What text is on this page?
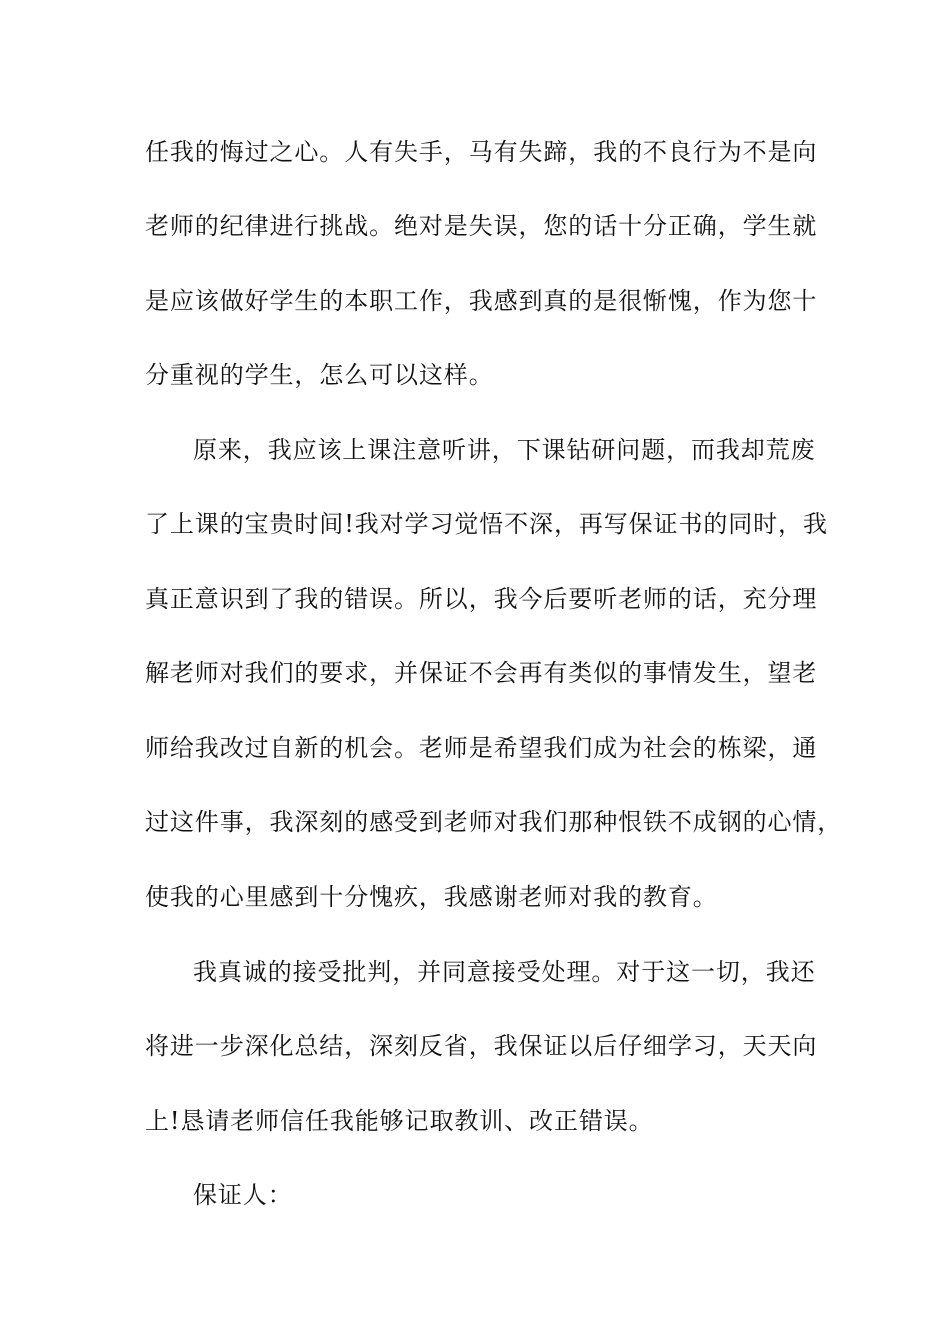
任我的悔过之心。人有失手，马有失蹄，我的不良行为不是向
老师的纪律进行挑战。绝对是失误，您的话十分正确，学生就
是应该做好学生的本职工作，我感到真的是很惭愧，作为您十
分重视的学生，怎么可以这样。
原来，我应该上课注意听讲，下课钻研问题，而我却荒废
了上课的宝贵时间!我对学习觉悟不深，再写保证书的同时，我
真正意识到了我的错误。所以，我今后要听老师的话，充分理
解老师对我们的要求，并保证不会再有类似的事情发生，望老
师给我改过自新的机会。老师是希望我们成为社会的栋梁，通
过这件事，我深刻的感受到老师对我们那种恨铁不成钢的心情，
使我的心里感到十分愧疚，我感谢老师对我的教育。
我真诚的接受批判，并同意接受处理。对于这一切，我还
将进一步深化总结，深刻反省，我保证以后仔细学习，天天向
上!恳请老师信任我能够记取教训、改正错误。
保证人：
